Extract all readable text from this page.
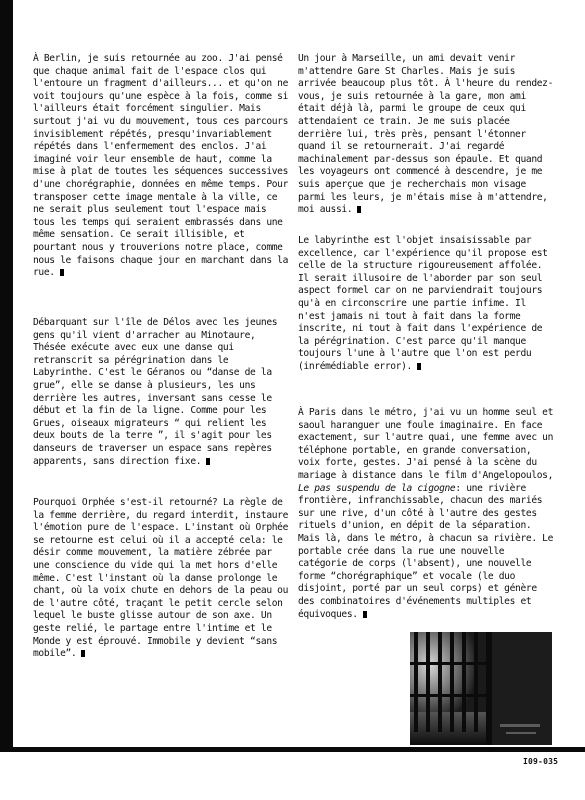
À Berlin, je suis retournée au zoo. J'ai pensé que chaque animal fait de l'espace clos qui l'entoure un fragment d'ailleurs... et qu'on ne voit toujours qu'une espèce à la fois, comme si l'ailleurs était forcément singulier. Mais surtout j'ai vu du mouvement, tous ces parcours invisiblement répétés, presqu'invariablement répétés dans l'enfermement des enclos. J'ai imaginé voir leur ensemble de haut, comme la mise à plat de toutes les séquences successives d'une chorégraphie, données en même temps. Pour transposer cette image mentale à la ville, ce ne serait plus seulement tout l'espace mais tous les temps qui seraient embrassés dans une même sensation. Ce serait illisible, et pourtant nous y trouverions notre place, comme nous le faisons chaque jour en marchant dans la rue.

Débarquant sur l'île de Délos avec les jeunes gens qu'il vient d'arracher au Minotaure, Thésée exécute avec eux une danse qui retranscrit sa pérégrination dans le Labyrinthe. C'est le Géranos ou “danse de la grue”, elle se danse à plusieurs, les uns derrière les autres, inversant sans cesse le début et la fin de la ligne. Comme pour les Grues, oiseaux migrateurs “ qui relient les deux bouts de la terre ”, il s'agit pour les danseurs de traverser un espace sans repères apparents, sans direction fixe.

Pourquoi Orphée s'est-il retourné? La règle de la femme derrière, du regard interdit, instaure l'émotion pure de l'espace. L'instant où Orphée se retourne est celui où il a accepté cela: le désir comme mouvement, la matière zébrée par une conscience du vide qui la met hors d'elle même. C'est l'instant où la danse prolonge le chant, où la voix chute en dehors de la peau ou de l'autre côté, traçant le petit cercle selon lequel le buste glisse autour de son axe. Un geste relié, le partage entre l'intime et le Monde y est éprouvé. Immobile y devient “sans mobile”.

Un jour à Marseille, un ami devait venir m'attendre Gare St Charles. Mais je suis arrivée beaucoup plus tôt. À l'heure du rendez-vous, je suis retournée à la gare, mon ami était déjà là, parmi le groupe de ceux qui attendaient ce train. Je me suis placée derrière lui, très près, pensant l'étonner quand il se retournerait. J'ai regardé machinalement par-dessus son épaule. Et quand les voyageurs ont commencé à descendre, je me suis aperçue que je recherchais mon visage parmi les leurs, je m'étais mise à m'attendre, moi aussi.

Le labyrinthe est l'objet insaisissable par excellence, car l'expérience qu'il propose est celle de la structure rigoureusement affolée. Il serait illusoire de l'aborder par son seul aspect formel car on ne parviendrait toujours qu'à en circonscrire une partie infime. Il n'est jamais ni tout à fait dans la forme inscrite, ni tout à fait dans l'expérience de la pérégrination. C'est parce qu'il manque toujours l'une à l'autre que l'on est perdu (inrémédiable error).

À Paris dans le métro, j'ai vu un homme seul et saoul haranguer une foule imaginaire. En face exactement, sur l'autre quai, une femme avec un téléphone portable, en grande conversation, voix forte, gestes. J'ai pensé à la scène du mariage à distance dans le film d'Angelopoulos, Le pas suspendu de la cigogne: une rivière frontière, infranchissable, chacun des mariés sur une rive, d'un côté à l'autre des gestes rituels d'union, en dépit de la séparation. Mais là, dans le métro, à chacun sa rivière. Le portable crée dans la rue une nouvelle catégorie de corps (l'absent), une nouvelle forme “chorégraphique” et vocale (le duo disjoint, porté par un seul corps) et génère des combinatoires d'événements multiples et équivoques.

I09-035
